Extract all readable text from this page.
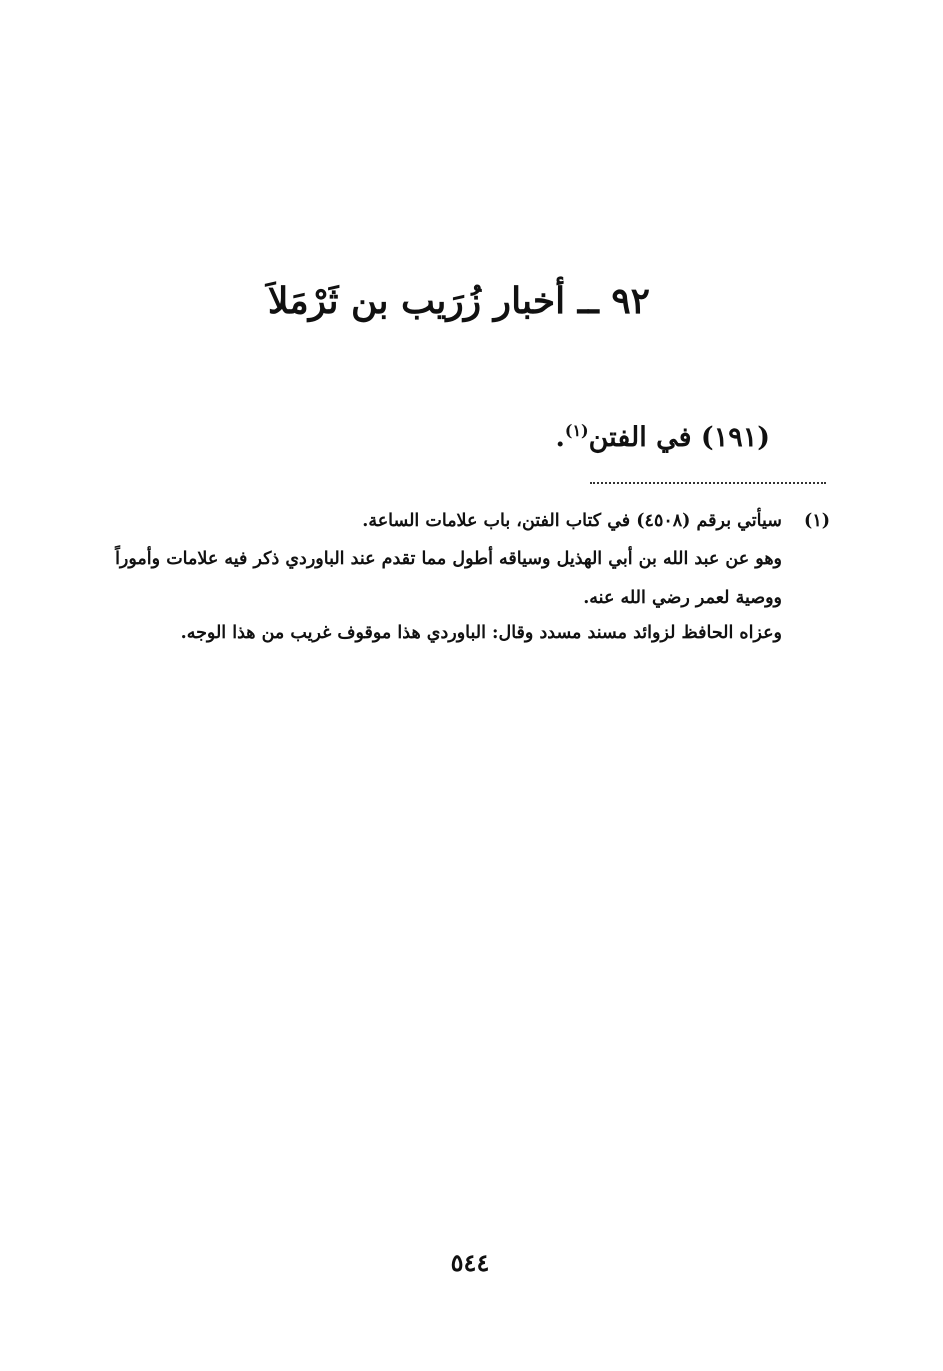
٩٢ ــ أخبار زُرَيب بن ثَرْمَلاَ
(١٩١) في الفتن$^{(١)}$.
(١) سيأتي برقم (٤٥٠٨) في كتاب الفتن، باب علامات الساعة.
وهو عن عبد الله بن أبي الهذيل وسياقه أطول مما تقدم عند الباوردي ذكر فيه علامات وأموراً
ووصية لعمر رضي الله عنه.
وعزاه الحافظ لزوائد مسند مسدد وقال: الباوردي هذا موقوف غريب من هذا الوجه.
٥٤٤
